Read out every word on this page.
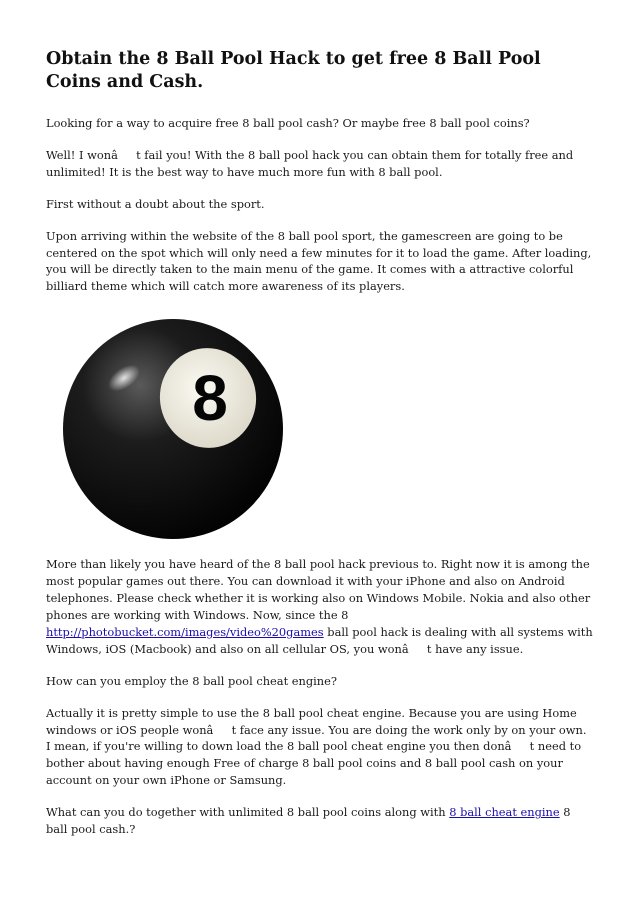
Obtain the 8 Ball Pool Hack to get free 8 Ball Pool Coins and Cash.

Looking for a way to acquire free 8 ball pool cash? Or maybe free 8 ball pool coins?

Well! I wonât fail you! With the 8 ball pool hack you can obtain them for totally free and unlimited! It is the best way to have much more fun with 8 ball pool.

First without a doubt about the sport.

Upon arriving within the website of the 8 ball pool sport, the gamescreen are going to be centered on the spot which will only need a few minutes for it to load the game. After loading, you will be directly taken to the main menu of the game. It comes with a attractive colorful billiard theme which will catch more awareness of its players.

8

More than likely you have heard of the 8 ball pool hack previous to. Right now it is among the most popular games out there. You can download it with your iPhone and also on Android telephones. Please check whether it is working also on Windows Mobile. Nokia and also other phones are working with Windows. Now, since the 8 http://photobucket.com/images/video%20games ball pool hack is dealing with all systems with Windows, iOS (Macbook) and also on all cellular OS, you wonât have any issue.

How can you employ the 8 ball pool cheat engine?

Actually it is pretty simple to use the 8 ball pool cheat engine. Because you are using Home windows or iOS people wonât face any issue. You are doing the work only by on your own. I mean, if you're willing to down load the 8 ball pool cheat engine you then donât need to bother about having enough Free of charge 8 ball pool coins and 8 ball pool cash on your account on your own iPhone or Samsung.

What can you do together with unlimited 8 ball pool coins along with 8 ball cheat engine 8 ball pool cash.?
